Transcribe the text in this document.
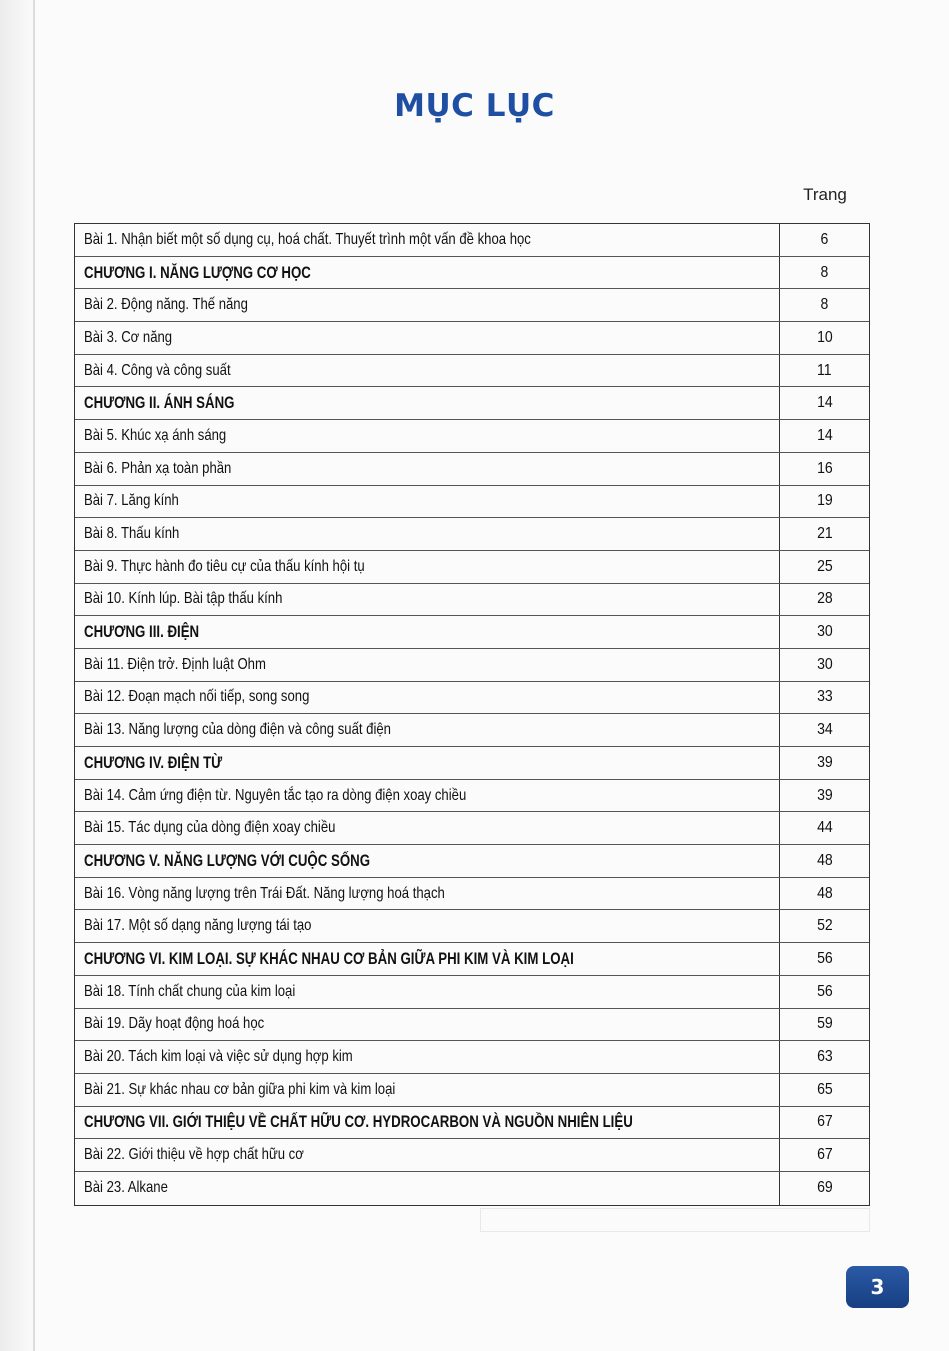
MỤC LỤC
Trang
Bài 1. Nhận biết một số dụng cụ, hoá chất. Thuyết trình một vấn đề khoa học	6
CHƯƠNG I. NĂNG LƯỢNG CƠ HỌC	8
Bài 2. Động năng. Thế năng	8
Bài 3. Cơ năng	10
Bài 4. Công và công suất	11
CHƯƠNG II. ÁNH SÁNG	14
Bài 5. Khúc xạ ánh sáng	14
Bài 6. Phản xạ toàn phần	16
Bài 7. Lăng kính	19
Bài 8. Thấu kính	21
Bài 9. Thực hành đo tiêu cự của thấu kính hội tụ	25
Bài 10. Kính lúp. Bài tập thấu kính	28
CHƯƠNG III. ĐIỆN	30
Bài 11. Điện trở. Định luật Ohm	30
Bài 12. Đoạn mạch nối tiếp, song song	33
Bài 13. Năng lượng của dòng điện và công suất điện	34
CHƯƠNG IV. ĐIỆN TỪ	39
Bài 14. Cảm ứng điện từ. Nguyên tắc tạo ra dòng điện xoay chiều	39
Bài 15. Tác dụng của dòng điện xoay chiều	44
CHƯƠNG V. NĂNG LƯỢNG VỚI CUỘC SỐNG	48
Bài 16. Vòng năng lượng trên Trái Đất. Năng lượng hoá thạch	48
Bài 17. Một số dạng năng lượng tái tạo	52
CHƯƠNG VI. KIM LOẠI. SỰ KHÁC NHAU CƠ BẢN GIỮA PHI KIM VÀ KIM LOẠI	56
Bài 18. Tính chất chung của kim loại	56
Bài 19. Dãy hoạt động hoá học	59
Bài 20. Tách kim loại và việc sử dụng hợp kim	63
Bài 21. Sự khác nhau cơ bản giữa phi kim và kim loại	65
CHƯƠNG VII. GIỚI THIỆU VỀ CHẤT HỮU CƠ. HYDROCARBON VÀ NGUỒN NHIÊN LIỆU	67
Bài 22. Giới thiệu về hợp chất hữu cơ	67
Bài 23. Alkane	69
3
